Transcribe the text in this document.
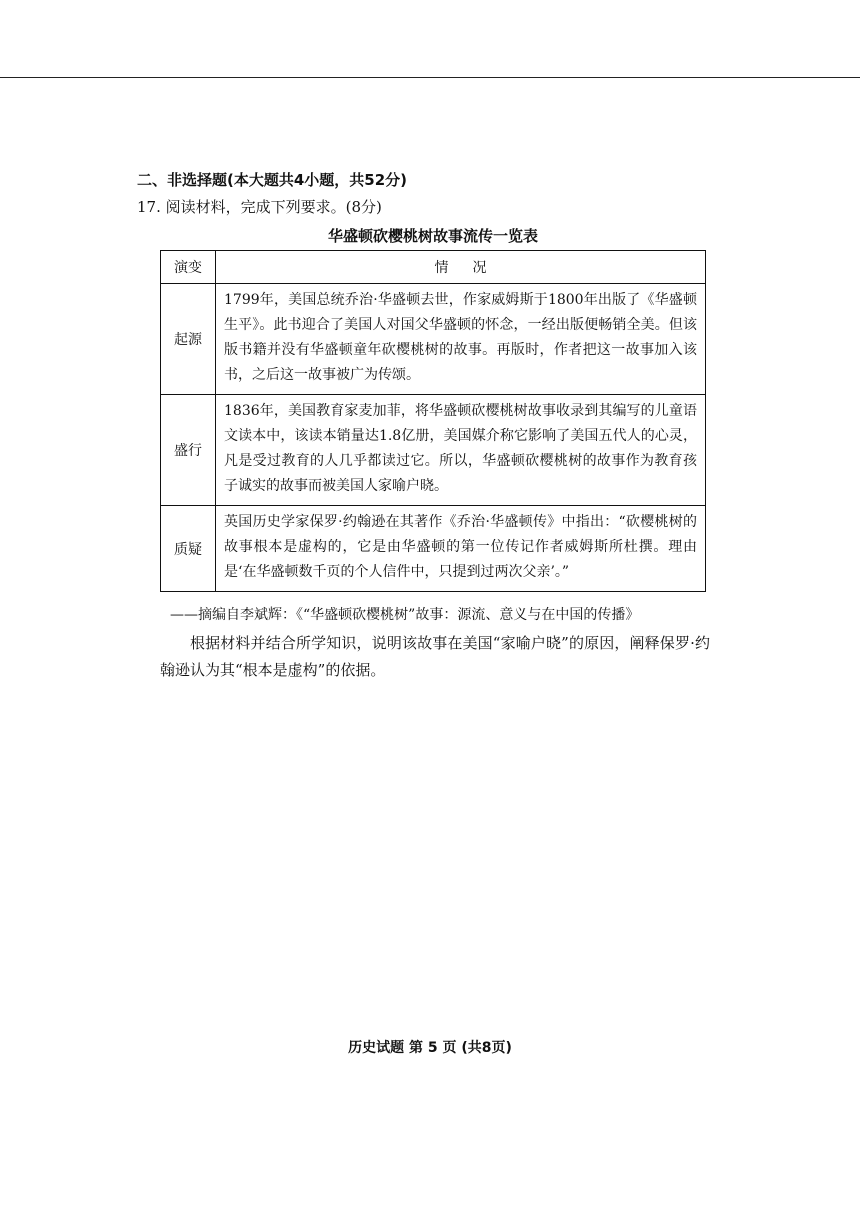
二、非选择题(本大题共4小题，共52分)
17. 阅读材料，完成下列要求。(8分)
华盛顿砍樱桃树故事流传一览表
演变	情况
起源	1799年，美国总统乔治·华盛顿去世，作家威姆斯于1800年出版了《华盛顿生平》。此书迎合了美国人对国父华盛顿的怀念，一经出版便畅销全美。但该版书籍并没有华盛顿童年砍樱桃树的故事。再版时，作者把这一故事加入该书，之后这一故事被广为传颂。
盛行	1836年，美国教育家麦加菲，将华盛顿砍樱桃树故事收录到其编写的儿童语文读本中，该读本销量达1.8亿册，美国媒介称它影响了美国五代人的心灵，凡是受过教育的人几乎都读过它。所以，华盛顿砍樱桃树的故事作为教育孩子诚实的故事而被美国人家喻户晓。
质疑	英国历史学家保罗·约翰逊在其著作《乔治·华盛顿传》中指出：“砍樱桃树的故事根本是虚构的，它是由华盛顿的第一位传记作者威姆斯所杜撰。理由是‘在华盛顿数千页的个人信件中，只提到过两次父亲’。”
——摘编自李斌辉：《“华盛顿砍樱桃树”故事：源流、意义与在中国的传播》
根据材料并结合所学知识，说明该故事在美国“家喻户晓”的原因，阐释保罗·约翰逊认为其“根本是虚构”的依据。
历史试题 第 5 页 (共8页)
